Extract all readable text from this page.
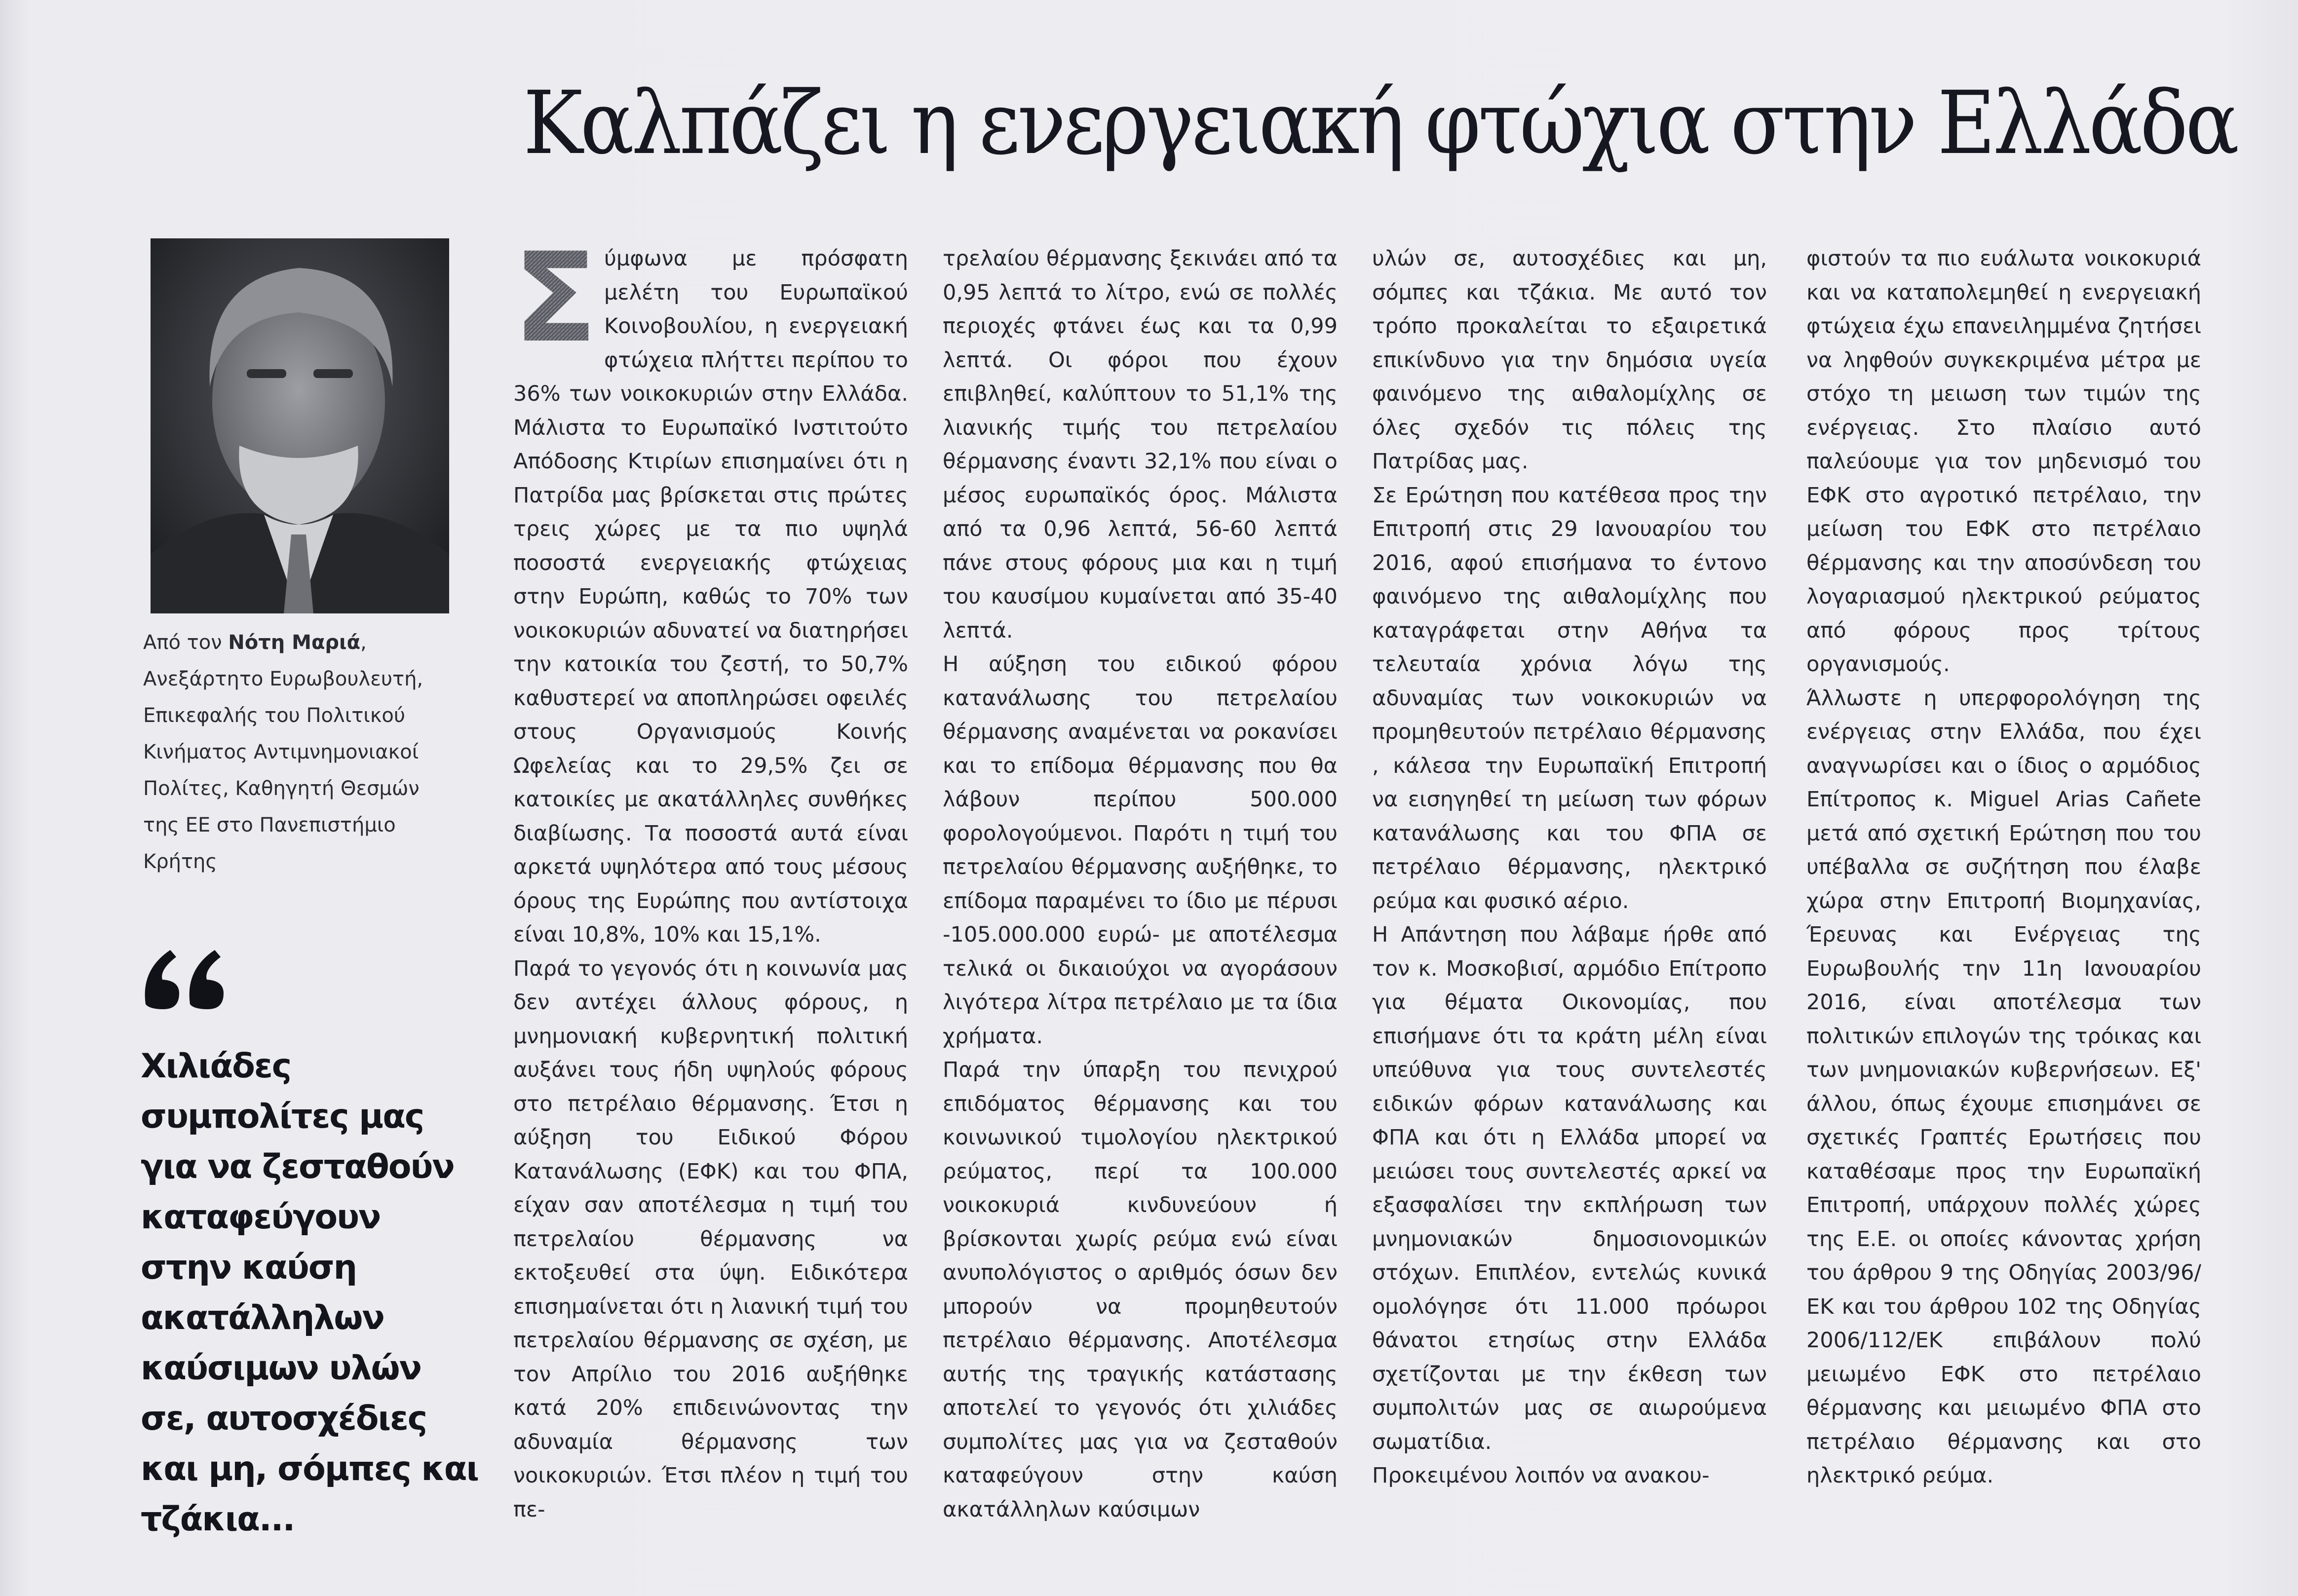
Καλπάζει η ενεργειακή φτώχια στην Ελλάδα
Από τον Νότη Μαριά, Ανεξάρτητο Ευρωβουλευτή, Επικεφαλής του Πολιτικού Κινήματος Αντιμνημονιακοί Πολίτες, Καθηγητή Θεσμών της ΕΕ στο Πανεπιστήμιο Κρήτης
Χιλιάδες
συμπολίτες μας
για να ζεσταθούν
καταφεύγουν
στην καύση
ακατάλληλων
καύσιμων υλών
σε, αυτοσχέδιες
και μη, σόμπες και
τζάκια...
Σ ύμφωνα με πρόσφατη μελέτη του Ευρωπαϊκού Κοινοβουλίου, η ενεργειακή φτώχεια πλήττει περίπου το 36% των νοικοκυριών στην Ελλάδα. Μάλιστα το Ευρωπαϊκό Ινστιτούτο Απόδοσης Κτιρίων επισημαίνει ότι η Πατρίδα μας βρίσκεται στις πρώτες τρεις χώρες με τα πιο υψηλά ποσοστά ενεργειακής φτώχειας στην Ευρώπη, καθώς το 70% των νοικοκυριών αδυνατεί να διατηρήσει την κατοικία του ζεστή, το 50,7% καθυστερεί να αποπληρώσει οφειλές στους Οργανισμούς Κοινής Ωφελείας και το 29,5% ζει σε κατοικίες με ακατάλληλες συνθήκες διαβίωσης. Τα ποσοστά αυτά είναι αρκετά υψηλότερα από τους μέσους όρους της Ευρώπης που αντίστοιχα είναι 10,8%, 10% και 15,1%.

Παρά το γεγονός ότι η κοινωνία μας δεν αντέχει άλλους φόρους, η μνημονιακή κυβερνητική πολιτική αυξάνει τους ήδη υψηλούς φόρους στο πετρέλαιο θέρμανσης. Έτσι η αύξηση του Ειδικού Φόρου Κατανάλωσης (ΕΦΚ) και του ΦΠΑ, είχαν σαν αποτέλεσμα η τιμή του πετρελαίου θέρμανσης να εκτοξευθεί στα ύψη. Ειδικότερα επισημαίνεται ότι η λιανική τιμή του πετρελαίου θέρμανσης σε σχέση, με τον Απρίλιο του 2016 αυξήθηκε κατά 20% επιδεινώνοντας την αδυναμία θέρμανσης των νοικοκυριών. Έτσι πλέον η τιμή του πε-

τρελαίου θέρμανσης ξεκινάει από τα 0,95 λεπτά το λίτρο, ενώ σε πολλές περιοχές φτάνει έως και τα 0,99 λεπτά. Οι φόροι που έχουν επιβληθεί, καλύπτουν το 51,1% της λιανικής τιμής του πετρελαίου θέρμανσης έναντι 32,1% που είναι ο μέσος ευρωπαϊκός όρος. Μάλιστα από τα 0,96 λεπτά, 56-60 λεπτά πάνε στους φόρους μια και η τιμή του καυσίμου κυμαίνεται από 35-40 λεπτά.

Η αύξηση του ειδικού φόρου κατανάλωσης του πετρελαίου θέρμανσης αναμένεται να ροκανίσει και το επίδομα θέρμανσης που θα λάβουν περίπου 500.000 φορολογούμενοι. Παρότι η τιμή του πετρελαίου θέρμανσης αυξήθηκε, το επίδομα παραμένει το ίδιο με πέρυσι -105.000.000 ευρώ- με αποτέλεσμα τελικά οι δικαιούχοι να αγοράσουν λιγότερα λίτρα πετρέλαιο με τα ίδια χρήματα.

Παρά την ύπαρξη του πενιχρού επιδόματος θέρμανσης και του κοινωνικού τιμολογίου ηλεκτρικού ρεύματος, περί τα 100.000 νοικοκυριά κινδυνεύουν ή βρίσκονται χωρίς ρεύμα ενώ είναι ανυπολόγιστος ο αριθμός όσων δεν μπορούν να προμηθευτούν πετρέλαιο θέρμανσης. Αποτέλεσμα αυτής της τραγικής κατάστασης αποτελεί το γεγονός ότι χιλιάδες συμπολίτες μας για να ζεσταθούν καταφεύγουν στην καύση ακατάλληλων καύσιμων

υλών σε, αυτοσχέδιες και μη, σόμπες και τζάκια. Με αυτό τον τρόπο προκαλείται το εξαιρετικά επικίνδυνο για την δημόσια υγεία φαινόμενο της αιθαλομίχλης σε όλες σχεδόν τις πόλεις της Πατρίδας μας.

Σε Ερώτηση που κατέθεσα προς την Επιτροπή στις 29 Ιανουαρίου του 2016, αφού επισήμανα το έντονο φαινόμενο της αιθαλομίχλης που καταγράφεται στην Αθήνα τα τελευταία χρόνια λόγω της αδυναμίας των νοικοκυριών να προμηθευτούν πετρέλαιο θέρμανσης , κάλεσα την Ευρωπαϊκή Επιτροπή να εισηγηθεί τη μείωση των φόρων κατανάλωσης και του ΦΠΑ σε πετρέλαιο θέρμανσης, ηλεκτρικό ρεύμα και φυσικό αέριο.

Η Απάντηση που λάβαμε ήρθε από τον κ. Μοσκοβισί, αρμόδιο Επίτροπο για θέματα Οικονομίας, που επισήμανε ότι τα κράτη μέλη είναι υπεύθυνα για τους συντελεστές ειδικών φόρων κατανάλωσης και ΦΠΑ και ότι η Ελλάδα μπορεί να μειώσει τους συντελεστές αρκεί να εξασφαλίσει την εκπλήρωση των μνημονιακών δημοσιονομικών στόχων. Επιπλέον, εντελώς κυνικά ομολόγησε ότι 11.000 πρόωροι θάνατοι ετησίως στην Ελλάδα σχετίζονται με την έκθεση των συμπολιτών μας σε αιωρούμενα σωματίδια.

Προκειμένου λοιπόν να ανακου-

φιστούν τα πιο ευάλωτα νοικοκυριά και να καταπολεμηθεί η ενεργειακή φτώχεια έχω επανειλημμένα ζητήσει να ληφθούν συγκεκριμένα μέτρα με στόχο τη μειωση των τιμών της ενέργειας. Στο πλαίσιο αυτό παλεύουμε για τον μηδενισμό του ΕΦΚ στο αγροτικό πετρέλαιο, την μείωση του ΕΦΚ στο πετρέλαιο θέρμανσης και την αποσύνδεση του λογαριασμού ηλεκτρικού ρεύματος από φόρους προς τρίτους οργανισμούς.

Άλλωστε η υπερφορολόγηση της ενέργειας στην Ελλάδα, που έχει αναγνωρίσει και ο ίδιος ο αρμόδιος Επίτροπος κ. Miguel Arias Cañete μετά από σχετική Ερώτηση που του υπέβαλλα σε συζήτηση που έλαβε χώρα στην Επιτροπή Βιομηχανίας, Έρευνας και Ενέργειας της Ευρωβουλής την 11η Ιανουαρίου 2016, είναι αποτέλεσμα των πολιτικών επιλογών της τρόικας και των μνημονιακών κυβερνήσεων. Εξ' άλλου, όπως έχουμε επισημάνει σε σχετικές Γραπτές Ερωτήσεις που καταθέσαμε προς την Ευρωπαϊκή Επιτροπή, υπάρχουν πολλές χώρες της Ε.Ε. οι οποίες κάνοντας χρήση του άρθρου 9 της Οδηγίας 2003/96/ΕΚ και του άρθρου 102 της Οδηγίας 2006/112/ΕΚ επιβάλουν πολύ μειωμένο ΕΦΚ στο πετρέλαιο θέρμανσης και μειωμένο ΦΠΑ στο πετρέλαιο θέρμανσης και στο ηλεκτρικό ρεύμα.
